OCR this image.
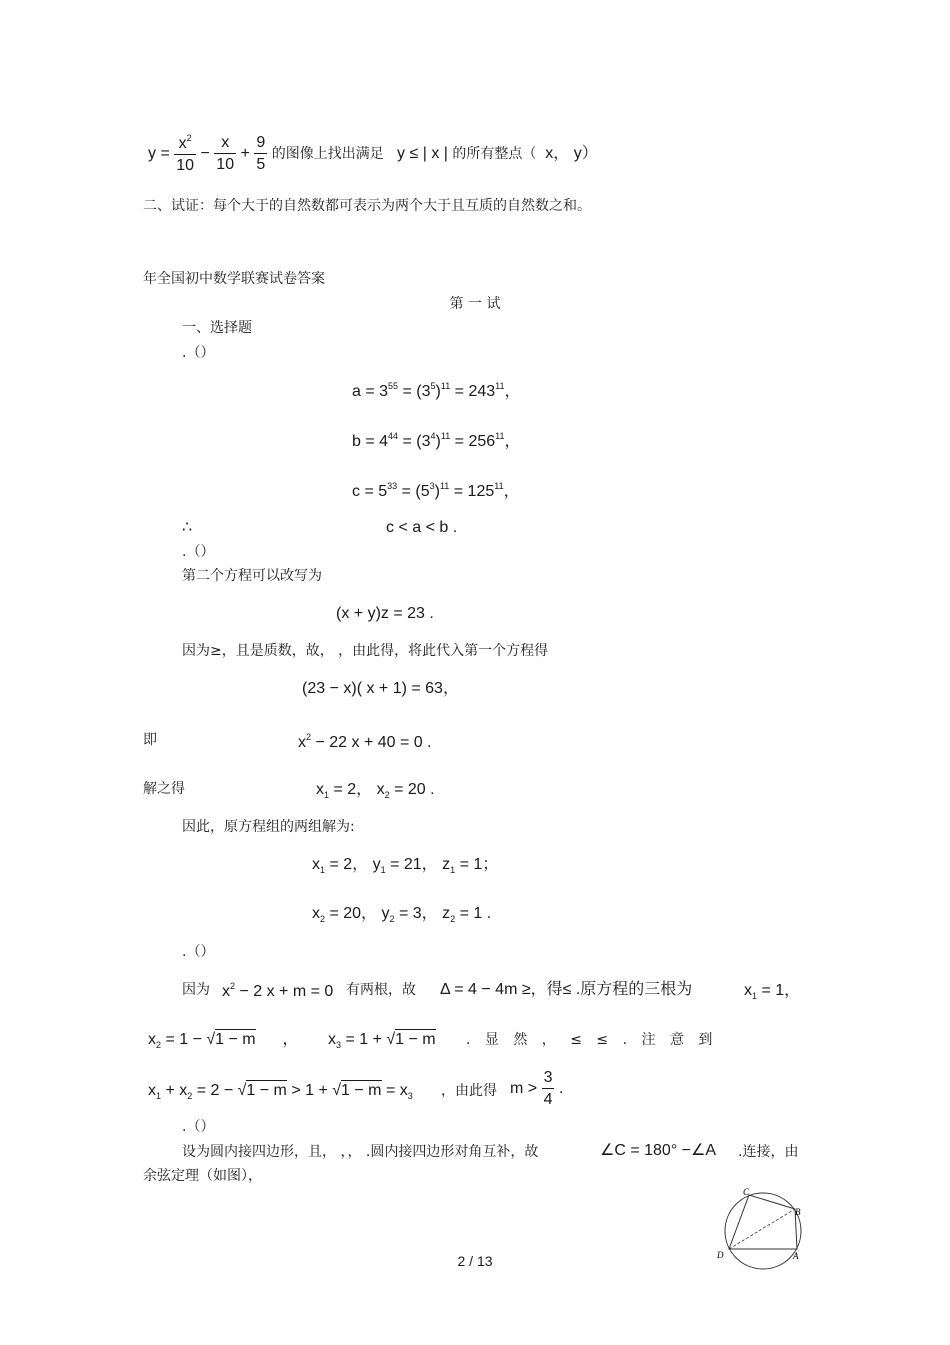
$y = \frac{x^2}{10} - \frac{x}{10} + \frac{9}{5}$ 的图像上找出满足 y ≤ | x | 的所有整点（ x， y）
二、试证：每个大于的自然数都可表示为两个大于且互质的自然数之和。
年全国初中数学联赛试卷答案
第 一 试
一、选择题
.（）
$a = 3^{55} = (3^5)^{11} = 243^{11}$，
$b = 4^{44} = (3^4)^{11} = 256^{11}$，
$c = 5^{33} = (5^3)^{11} = 125^{11}$，
∴	c < a < b .
.（）
第二个方程可以改写为
(x + y)z = 23 .
因为≥，且是质数，故， ，由此得，将此代入第一个方程得
(23 − x)( x + 1) = 63，
即	$x^2 - 22$ x + 40 = 0 .
解之得	$x_1 = 2$， $x_2 = 20$ .
因此，原方程组的两组解为:
$x_1 = 2$， $y_1 = 21$， $z_1 = 1$；
$x_2 = 20$， $y_2 = 3$， $z_2 = 1$ .
.（）
因为 $x^2 - 2$ x + m = 0 有两根，故 Δ = 4 − 4m ≥，得≤ .原方程的三根为	$x_1 = 1$，
$x_2 = 1 - √1 - m$ ， $x_3 = 1 + √1 - m$ . 显 然 ， ≤ ≤ . 注 意 到
$x_1 + x_2 = 2 - √1 - m > 1 + √1 - m = x_3$ ，由此得 $m > \frac{3}{4}$ .
.（）
设为圆内接四边形，且， ，， .圆内接四边形对角互补，故	∠C = 180° −∠A .连接，由
余弦定理（如图），
C
B
D	A
2 / 13
